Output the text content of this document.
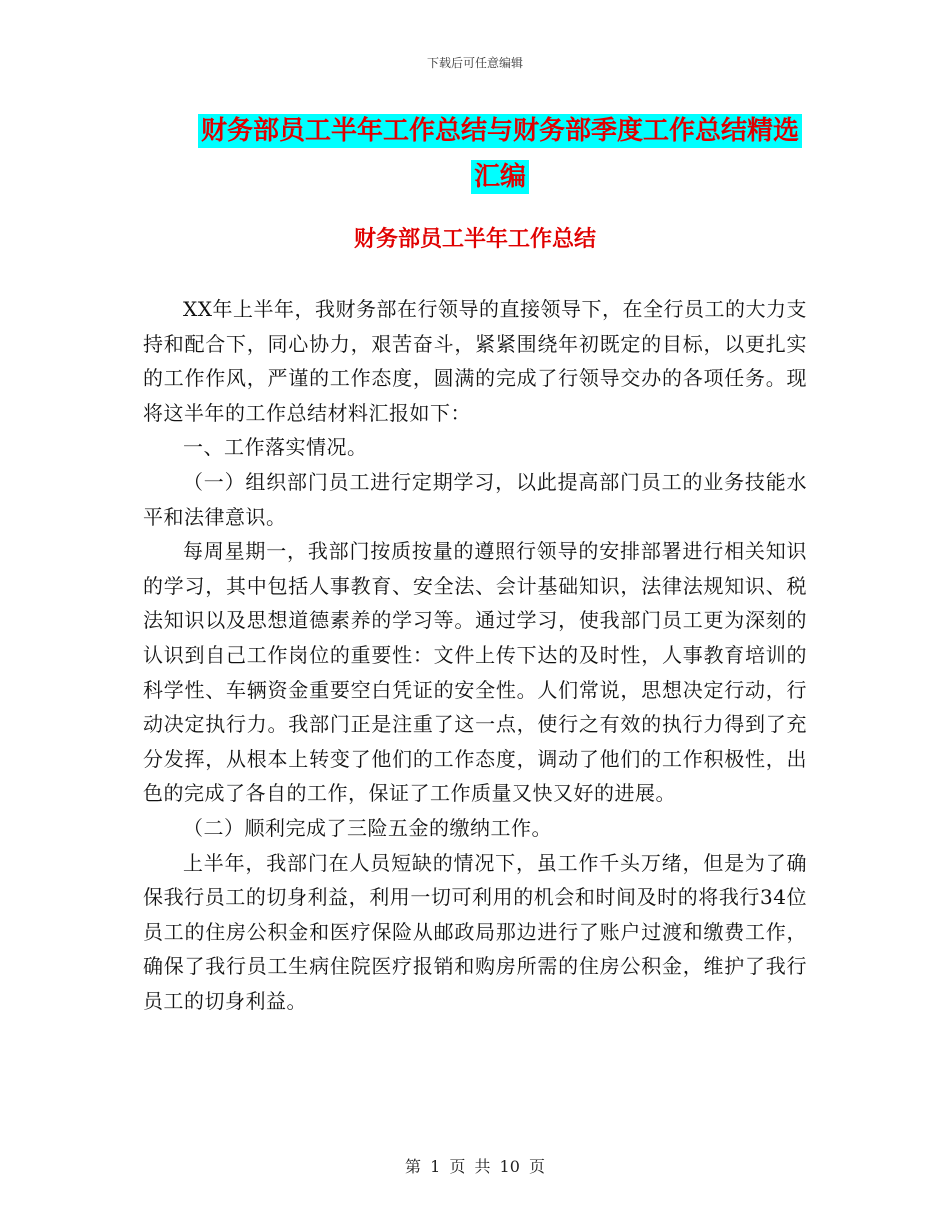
下载后可任意编辑
财务部员工半年工作总结与财务部季度工作总结精选
汇编
财务部员工半年工作总结

XX年上半年，我财务部在行领导的直接领导下，在全行员工的大力支持和配合下，同心协力，艰苦奋斗，紧紧围绕年初既定的目标，以更扎实的工作作风，严谨的工作态度，圆满的完成了行领导交办的各项任务。现将这半年的工作总结材料汇报如下：

一、工作落实情况。

（一）组织部门员工进行定期学习，以此提高部门员工的业务技能水平和法律意识。

每周星期一，我部门按质按量的遵照行领导的安排部署进行相关知识的学习，其中包括人事教育、安全法、会计基础知识，法律法规知识、税法知识以及思想道德素养的学习等。通过学习，使我部门员工更为深刻的认识到自己工作岗位的重要性：文件上传下达的及时性，人事教育培训的科学性、车辆资金重要空白凭证的安全性。人们常说，思想决定行动，行动决定执行力。我部门正是注重了这一点，使行之有效的执行力得到了充分发挥，从根本上转变了他们的工作态度，调动了他们的工作积极性，出色的完成了各自的工作，保证了工作质量又快又好的进展。

（二）顺利完成了三险五金的缴纳工作。

上半年，我部门在人员短缺的情况下，虽工作千头万绪，但是为了确保我行员工的切身利益，利用一切可利用的机会和时间及时的将我行34位员工的住房公积金和医疗保险从邮政局那边进行了账户过渡和缴费工作，确保了我行员工生病住院医疗报销和购房所需的住房公积金，维护了我行员工的切身利益。

第 1 页 共 10 页
